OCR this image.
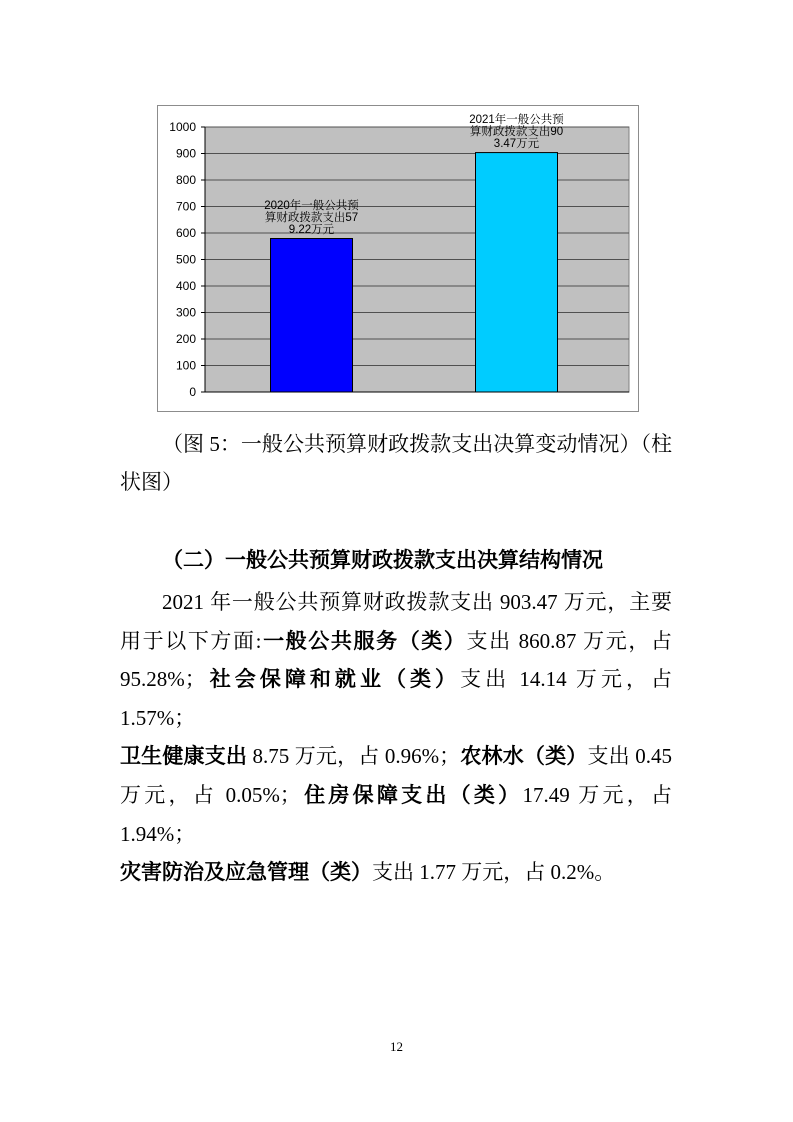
0
100
200
300
400
500
600
700
800
900
1000
2020年一般公共预
算财政拨款支出57
9.22万元
2021年一般公共预
算财政拨款支出90
3.47万元
（图 5：一般公共预算财政拨款支出决算变动情况）（柱
状图）
（二）一般公共预算财政拨款支出决算结构情况
2021 年一般公共预算财政拨款支出 903.47 万元，主要
用于以下方面:一般公共服务（类）支出 860.87 万元，占
95.28%；社会保障和就业（类）支出 14.14 万元，占 1.57%；
卫生健康支出 8.75 万元，占 0.96%；农林水（类）支出 0.45
万元，占 0.05%；住房保障支出（类）17.49 万元，占 1.94%；
灾害防治及应急管理（类）支出 1.77 万元，占 0.2%。
12
